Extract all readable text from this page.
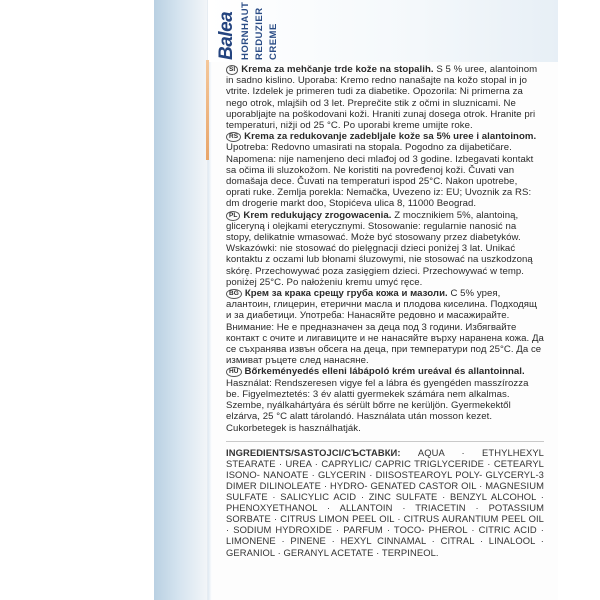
Balea HORNHAUT REDUZIER CREME

SI Krema za mehčanje trde kože na stopalih. S 5 % uree, alantoinom in sadno kislino. Uporaba: Kremo redno nanašajte na kožo stopal in jo vtrite. Izdelek je primeren tudi za diabetike. Opozorila: Ni primerna za nego otrok, mlajših od 3 let. Preprečite stik z očmi in sluznicami. Ne uporabljajte na poškodovani koži. Hraniti zunaj dosega otrok. Hranite pri temperaturi, nižji od 25 °C. Po uporabi kreme umijte roke.

RS Krema za redukovanje zadebljale kože sa 5% uree i alantoinom. Upotreba: Redovno umasirati na stopala. Pogodno za dijabetičare. Napomena: nije namenjeno deci mlađoj od 3 godine. Izbegavati kontakt sa očima ili sluzokožom. Ne koristiti na povređenoj koži. Čuvati van domašaja dece. Čuvati na temperaturi ispod 25°C. Nakon upotrebe, oprati ruke. Zemlja porekla: Nemačka, Uvezeno iz: EU; Uvoznik za RS: dm drogerie markt doo, Stopićeva ulica 8, 11000 Beograd.

PL Krem redukujący zrogowacenia. Z mocznikiem 5%, alantoiną, gliceryną i olejkami eterycznymi. Stosowanie: regularnie nanosić na stopy, delikatnie wmasować. Może być stosowany przez diabetyków. Wskazówki: nie stosować do pielęgnacji dzieci poniżej 3 lat. Unikać kontaktu z oczami lub błonami śluzowymi, nie stosować na uszkodzoną skórę. Przechowywać poza zasięgiem dzieci. Przechowywać w temp. poniżej 25°C. Po nałożeniu kremu umyć ręce.

BG Крем за крака срещу груба кожа и мазоли. С 5% урея, алантоин, глицерин, етерични масла и плодова киселина. Подходящ и за диабетици. Употреба: Нанасяйте редовно и масажирайте. Внимание: Не е предназначен за деца под 3 години. Избягвайте контакт с очите и лигавиците и не нанасяйте върху наранена кожа. Да се съхранява извън обсега на деца, при температури под 25°C. Да се измиват ръцете след нанасяне.

HU Bőrkeményedés elleni lábápoló krém ureával és allantoinnal. Használat: Rendszeresen vigye fel a lábra és gyengéden masszírozza be. Figyelmeztetés: 3 év alatti gyermekek számára nem alkalmas. Szembe, nyálkahártyára és sérült bőrre ne kerüljön. Gyermekektől elzárva, 25 °C alatt tárolandó. Használata után mosson kezet. Cukorbetegek is használhatják.

INGREDIENTS/SASTOJCI/СЪСТАВКИ: AQUA · ETHYLHEXYL STEARATE · UREA · CAPRYLIC/ CAPRIC TRIGLYCERIDE · CETEARYL ISONO- NANOATE · GLYCERIN · DIISOSTEAROYL POLY- GLYCERYL-3 DIMER DILINOLEATE · HYDRO- GENATED CASTOR OIL · MAGNESIUM SULFATE · SALICYLIC ACID · ZINC SULFATE · BENZYL ALCOHOL · PHENOXYETHANOL · ALLANTOIN · TRIACETIN · POTASSIUM SORBATE · CITRUS LIMON PEEL OIL · CITRUS AURANTIUM PEEL OIL · SODIUM HYDROXIDE · PARFUM · TOCO- PHEROL · CITRIC ACID · LIMONENE · PINENE · HEXYL CINNAMAL · CITRAL · LINALOOL · GERANIOL · GERANYL ACETATE · TERPINEOL.
